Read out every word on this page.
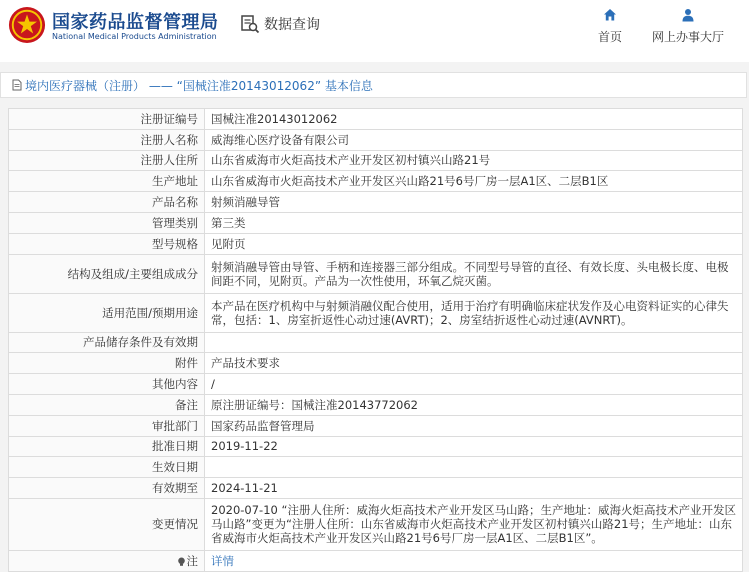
国家药品监督管理局
National Medical Products Administration
数据查询
首页 网上办事大厅
境内医疗器械（注册） —— “国械注准20143012062” 基本信息
注册证编号	国械注准20143012062
注册人名称	威海维心医疗设备有限公司
注册人住所	山东省威海市火炬高技术产业开发区初村镇兴山路21号
生产地址	山东省威海市火炬高技术产业开发区兴山路21号6号厂房一层A1区、二层B1区
产品名称	射频消融导管
管理类别	第三类
型号规格	见附页
结构及组成/主要组成成分	射频消融导管由导管、手柄和连接器三部分组成。不同型号导管的直径、有效长度、头电极长度、电极间距不同，见附页。产品为一次性使用，环氧乙烷灭菌。
适用范围/预期用途	本产品在医疗机构中与射频消融仪配合使用，适用于治疗有明确临床症状发作及心电资料证实的心律失常，包括：1、房室折返性心动过速(AVRT)；2、房室结折返性心动过速(AVNRT)。
产品储存条件及有效期	
附件	产品技术要求
其他内容	/
备注	原注册证编号：国械注准20143772062
审批部门	国家药品监督管理局
批准日期	2019-11-22
生效日期	
有效期至	2024-11-21
变更情况	2020-07-10 “注册人住所：威海火炬高技术产业开发区马山路；生产地址：威海火炬高技术产业开发区马山路”变更为“注册人住所：山东省威海市火炬高技术产业开发区初村镇兴山路21号；生产地址：山东省威海市火炬高技术产业开发区兴山路21号6号厂房一层A1区、二层B1区”。
注	详情
